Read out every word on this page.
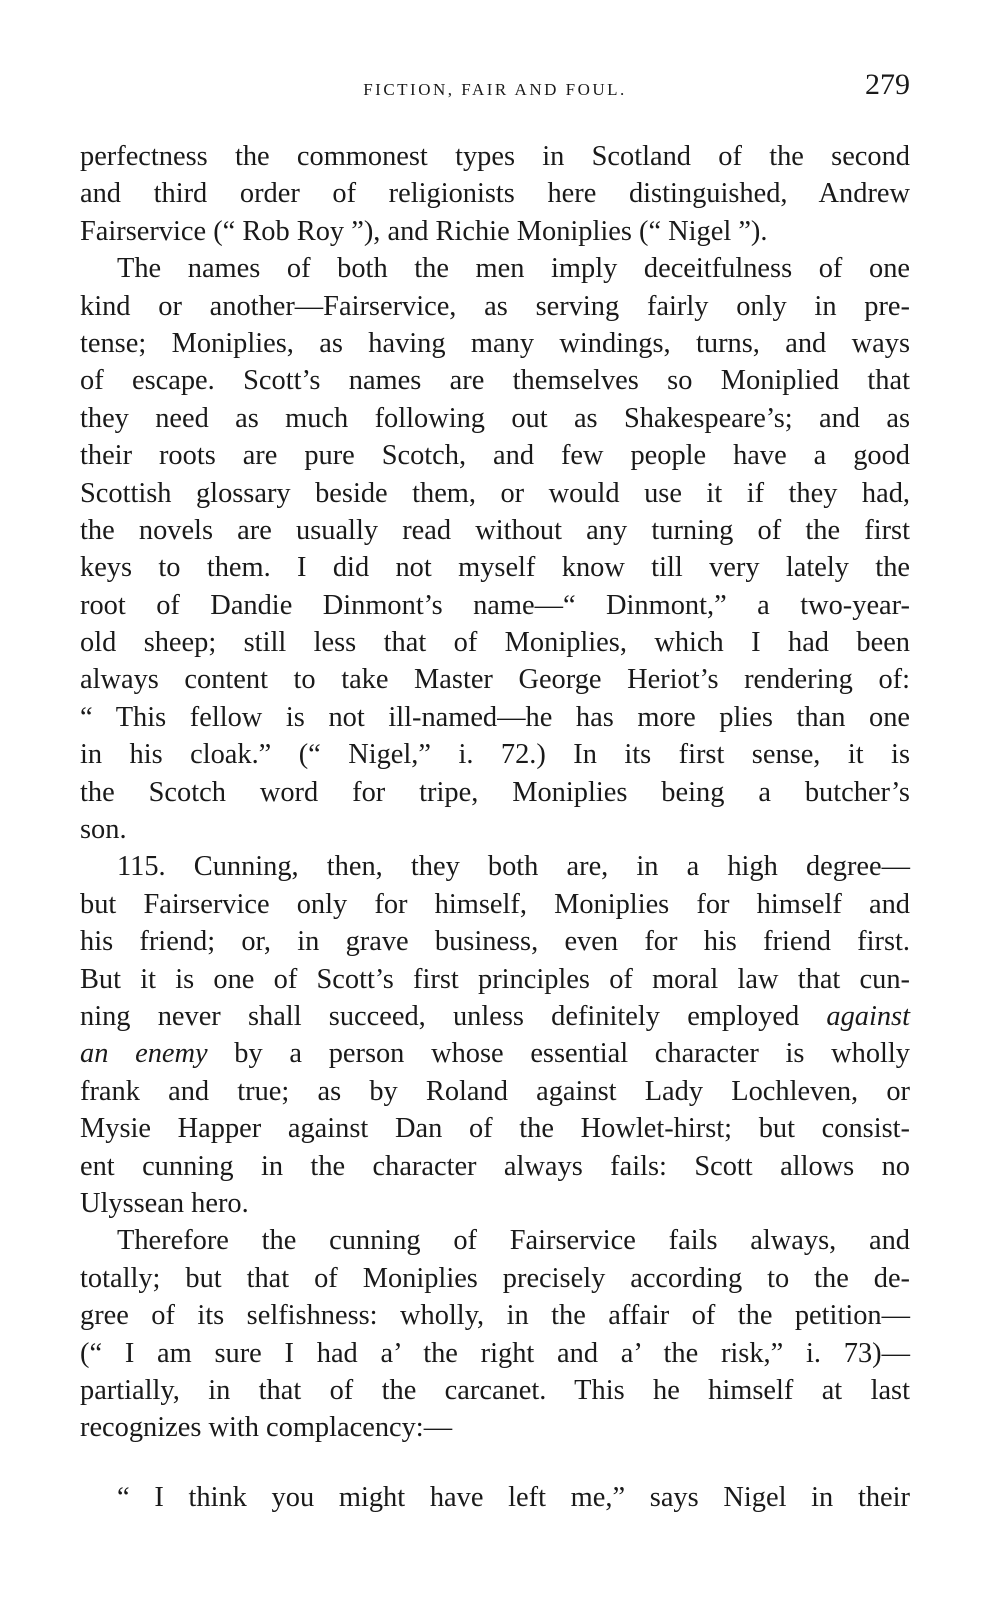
FICTION, FAIR AND FOUL.	279
perfectness the commonest types in Scotland of the second
and third order of religionists here distinguished, Andrew
Fairservice (“ Rob Roy ”), and Richie Moniplies (“ Nigel ”).
The names of both the men imply deceitfulness of one
kind or another—Fairservice, as serving fairly only in pre-
tense; Moniplies, as having many windings, turns, and ways
of escape. Scott’s names are themselves so Moniplied that
they need as much following out as Shakespeare’s; and as
their roots are pure Scotch, and few people have a good
Scottish glossary beside them, or would use it if they had,
the novels are usually read without any turning of the first
keys to them. I did not myself know till very lately the
root of Dandie Dinmont’s name—“ Dinmont,” a two-year-
old sheep; still less that of Moniplies, which I had been
always content to take Master George Heriot’s rendering of:
“ This fellow is not ill-named—he has more plies than one
in his cloak.” (“ Nigel,” i. 72.) In its first sense, it is
the Scotch word for tripe, Moniplies being a butcher’s
son.
115. Cunning, then, they both are, in a high degree—
but Fairservice only for himself, Moniplies for himself and
his friend; or, in grave business, even for his friend first.
But it is one of Scott’s first principles of moral law that cun-
ning never shall succeed, unless definitely employed against
an enemy by a person whose essential character is wholly
frank and true; as by Roland against Lady Lochleven, or
Mysie Happer against Dan of the Howlet-hirst; but consist-
ent cunning in the character always fails: Scott allows no
Ulyssean hero.
Therefore the cunning of Fairservice fails always, and
totally; but that of Moniplies precisely according to the de-
gree of its selfishness: wholly, in the affair of the petition—
(“ I am sure I had a’ the right and a’ the risk,” i. 73)—
partially, in that of the carcanet. This he himself at last
recognizes with complacency:—
“ I think you might have left me,” says Nigel in their
